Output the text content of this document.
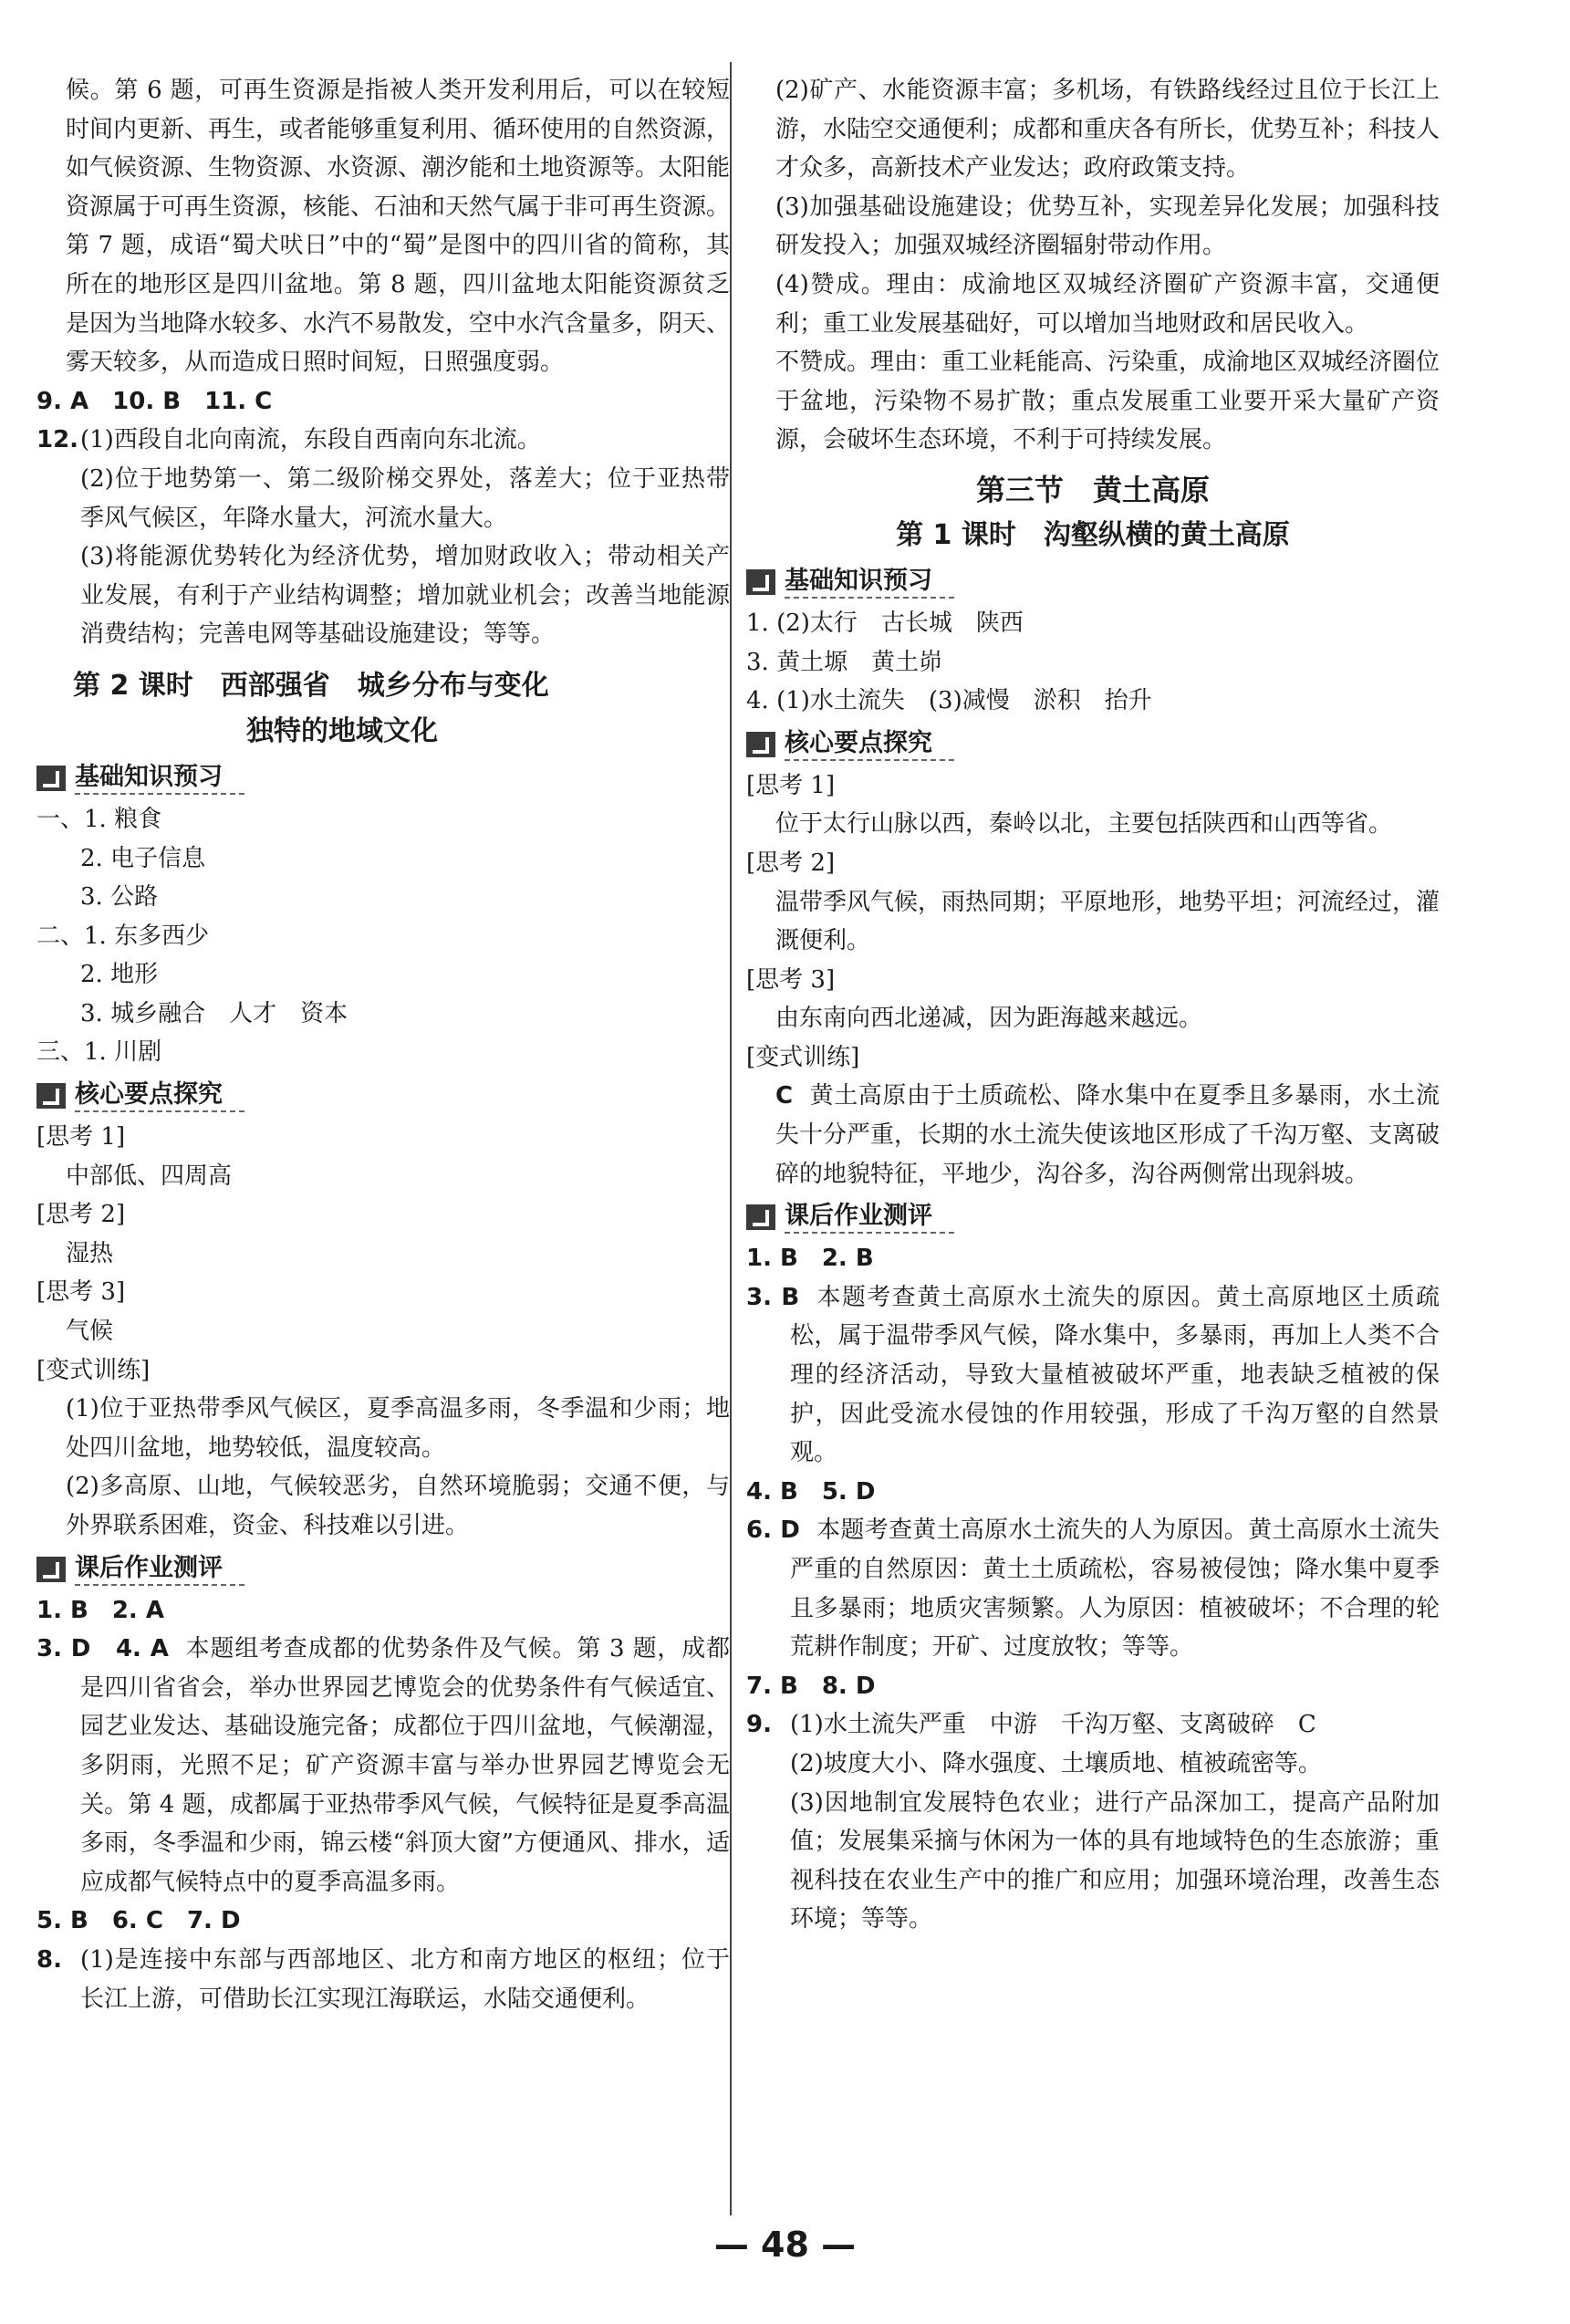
候。第 6 题，可再生资源是指被人类开发利用后，可以在较短时间内更新、再生，或者能够重复利用、循环使用的自然资源，如气候资源、生物资源、水资源、潮汐能和土地资源等。太阳能资源属于可再生资源，核能、石油和天然气属于非可再生资源。第 7 题，成语“蜀犬吠日”中的“蜀”是图中的四川省的简称，其所在的地形区是四川盆地。第 8 题，四川盆地太阳能资源贫乏是因为当地降水较多、水汽不易散发，空中水汽含量多，阴天、雾天较多，从而造成日照时间短，日照强度弱。

9. A　10. B　11. C

12. (1)西段自北向南流，东段自西南向东北流。

(2)位于地势第一、第二级阶梯交界处，落差大；位于亚热带季风气候区，年降水量大，河流水量大。

(3)将能源优势转化为经济优势，增加财政收入；带动相关产业发展，有利于产业结构调整；增加就业机会；改善当地能源消费结构；完善电网等基础设施建设；等等。

第 2 课时　西部强省　城乡分布与变化

独特的地域文化

基础知识预习

一、1. 粮食

2. 电子信息

3. 公路

二、1. 东多西少

2. 地形

3. 城乡融合　人才　资本

三、1. 川剧

核心要点探究

[思考 1]

中部低、四周高

[思考 2]

湿热

[思考 3]

气候

[变式训练]

(1)位于亚热带季风气候区，夏季高温多雨，冬季温和少雨；地处四川盆地，地势较低，温度较高。

(2)多高原、山地，气候较恶劣，自然环境脆弱；交通不便，与外界联系困难，资金、科技难以引进。

课后作业测评

1. B　2. A

3. D　4. A 本题组考查成都的优势条件及气候。第 3 题，成都是四川省省会，举办世界园艺博览会的优势条件有气候适宜、园艺业发达、基础设施完备；成都位于四川盆地，气候潮湿，多阴雨，光照不足；矿产资源丰富与举办世界园艺博览会无关。第 4 题，成都属于亚热带季风气候，气候特征是夏季高温多雨，冬季温和少雨，锦云楼“斜顶大窗”方便通风、排水，适应成都气候特点中的夏季高温多雨。

5. B　6. C　7. D

8. (1)是连接中东部与西部地区、北方和南方地区的枢纽；位于长江上游，可借助长江实现江海联运，水陆交通便利。

(2)矿产、水能资源丰富；多机场，有铁路线经过且位于长江上游，水陆空交通便利；成都和重庆各有所长，优势互补；科技人才众多，高新技术产业发达；政府政策支持。

(3)加强基础设施建设；优势互补，实现差异化发展；加强科技研发投入；加强双城经济圈辐射带动作用。

(4)赞成。理由：成渝地区双城经济圈矿产资源丰富，交通便利；重工业发展基础好，可以增加当地财政和居民收入。

不赞成。理由：重工业耗能高、污染重，成渝地区双城经济圈位于盆地，污染物不易扩散；重点发展重工业要开采大量矿产资源，会破坏生态环境，不利于可持续发展。

第三节　黄土高原

第 1 课时　沟壑纵横的黄土高原

基础知识预习

1. (2)太行　古长城　陕西

3. 黄土塬　黄土峁

4. (1)水土流失　(3)减慢　淤积　抬升

核心要点探究

[思考 1]

位于太行山脉以西，秦岭以北，主要包括陕西和山西等省。

[思考 2]

温带季风气候，雨热同期；平原地形，地势平坦；河流经过，灌溉便利。

[思考 3]

由东南向西北递减，因为距海越来越远。

[变式训练]

C 黄土高原由于土质疏松、降水集中在夏季且多暴雨，水土流失十分严重，长期的水土流失使该地区形成了千沟万壑、支离破碎的地貌特征，平地少，沟谷多，沟谷两侧常出现斜坡。

课后作业测评

1. B　2. B

3. B 本题考查黄土高原水土流失的原因。黄土高原地区土质疏松，属于温带季风气候，降水集中，多暴雨，再加上人类不合理的经济活动，导致大量植被破坏严重，地表缺乏植被的保护，因此受流水侵蚀的作用较强，形成了千沟万壑的自然景观。

4. B　5. D

6. D 本题考查黄土高原水土流失的人为原因。黄土高原水土流失严重的自然原因：黄土土质疏松，容易被侵蚀；降水集中夏季且多暴雨；地质灾害频繁。人为原因：植被破坏；不合理的轮荒耕作制度；开矿、过度放牧；等等。

7. B　8. D

9. (1)水土流失严重　中游　千沟万壑、支离破碎　C

(2)坡度大小、降水强度、土壤质地、植被疏密等。

(3)因地制宜发展特色农业；进行产品深加工，提高产品附加值；发展集采摘与休闲为一体的具有地域特色的生态旅游；重视科技在农业生产中的推广和应用；加强环境治理，改善生态环境；等等。

— 48 —
